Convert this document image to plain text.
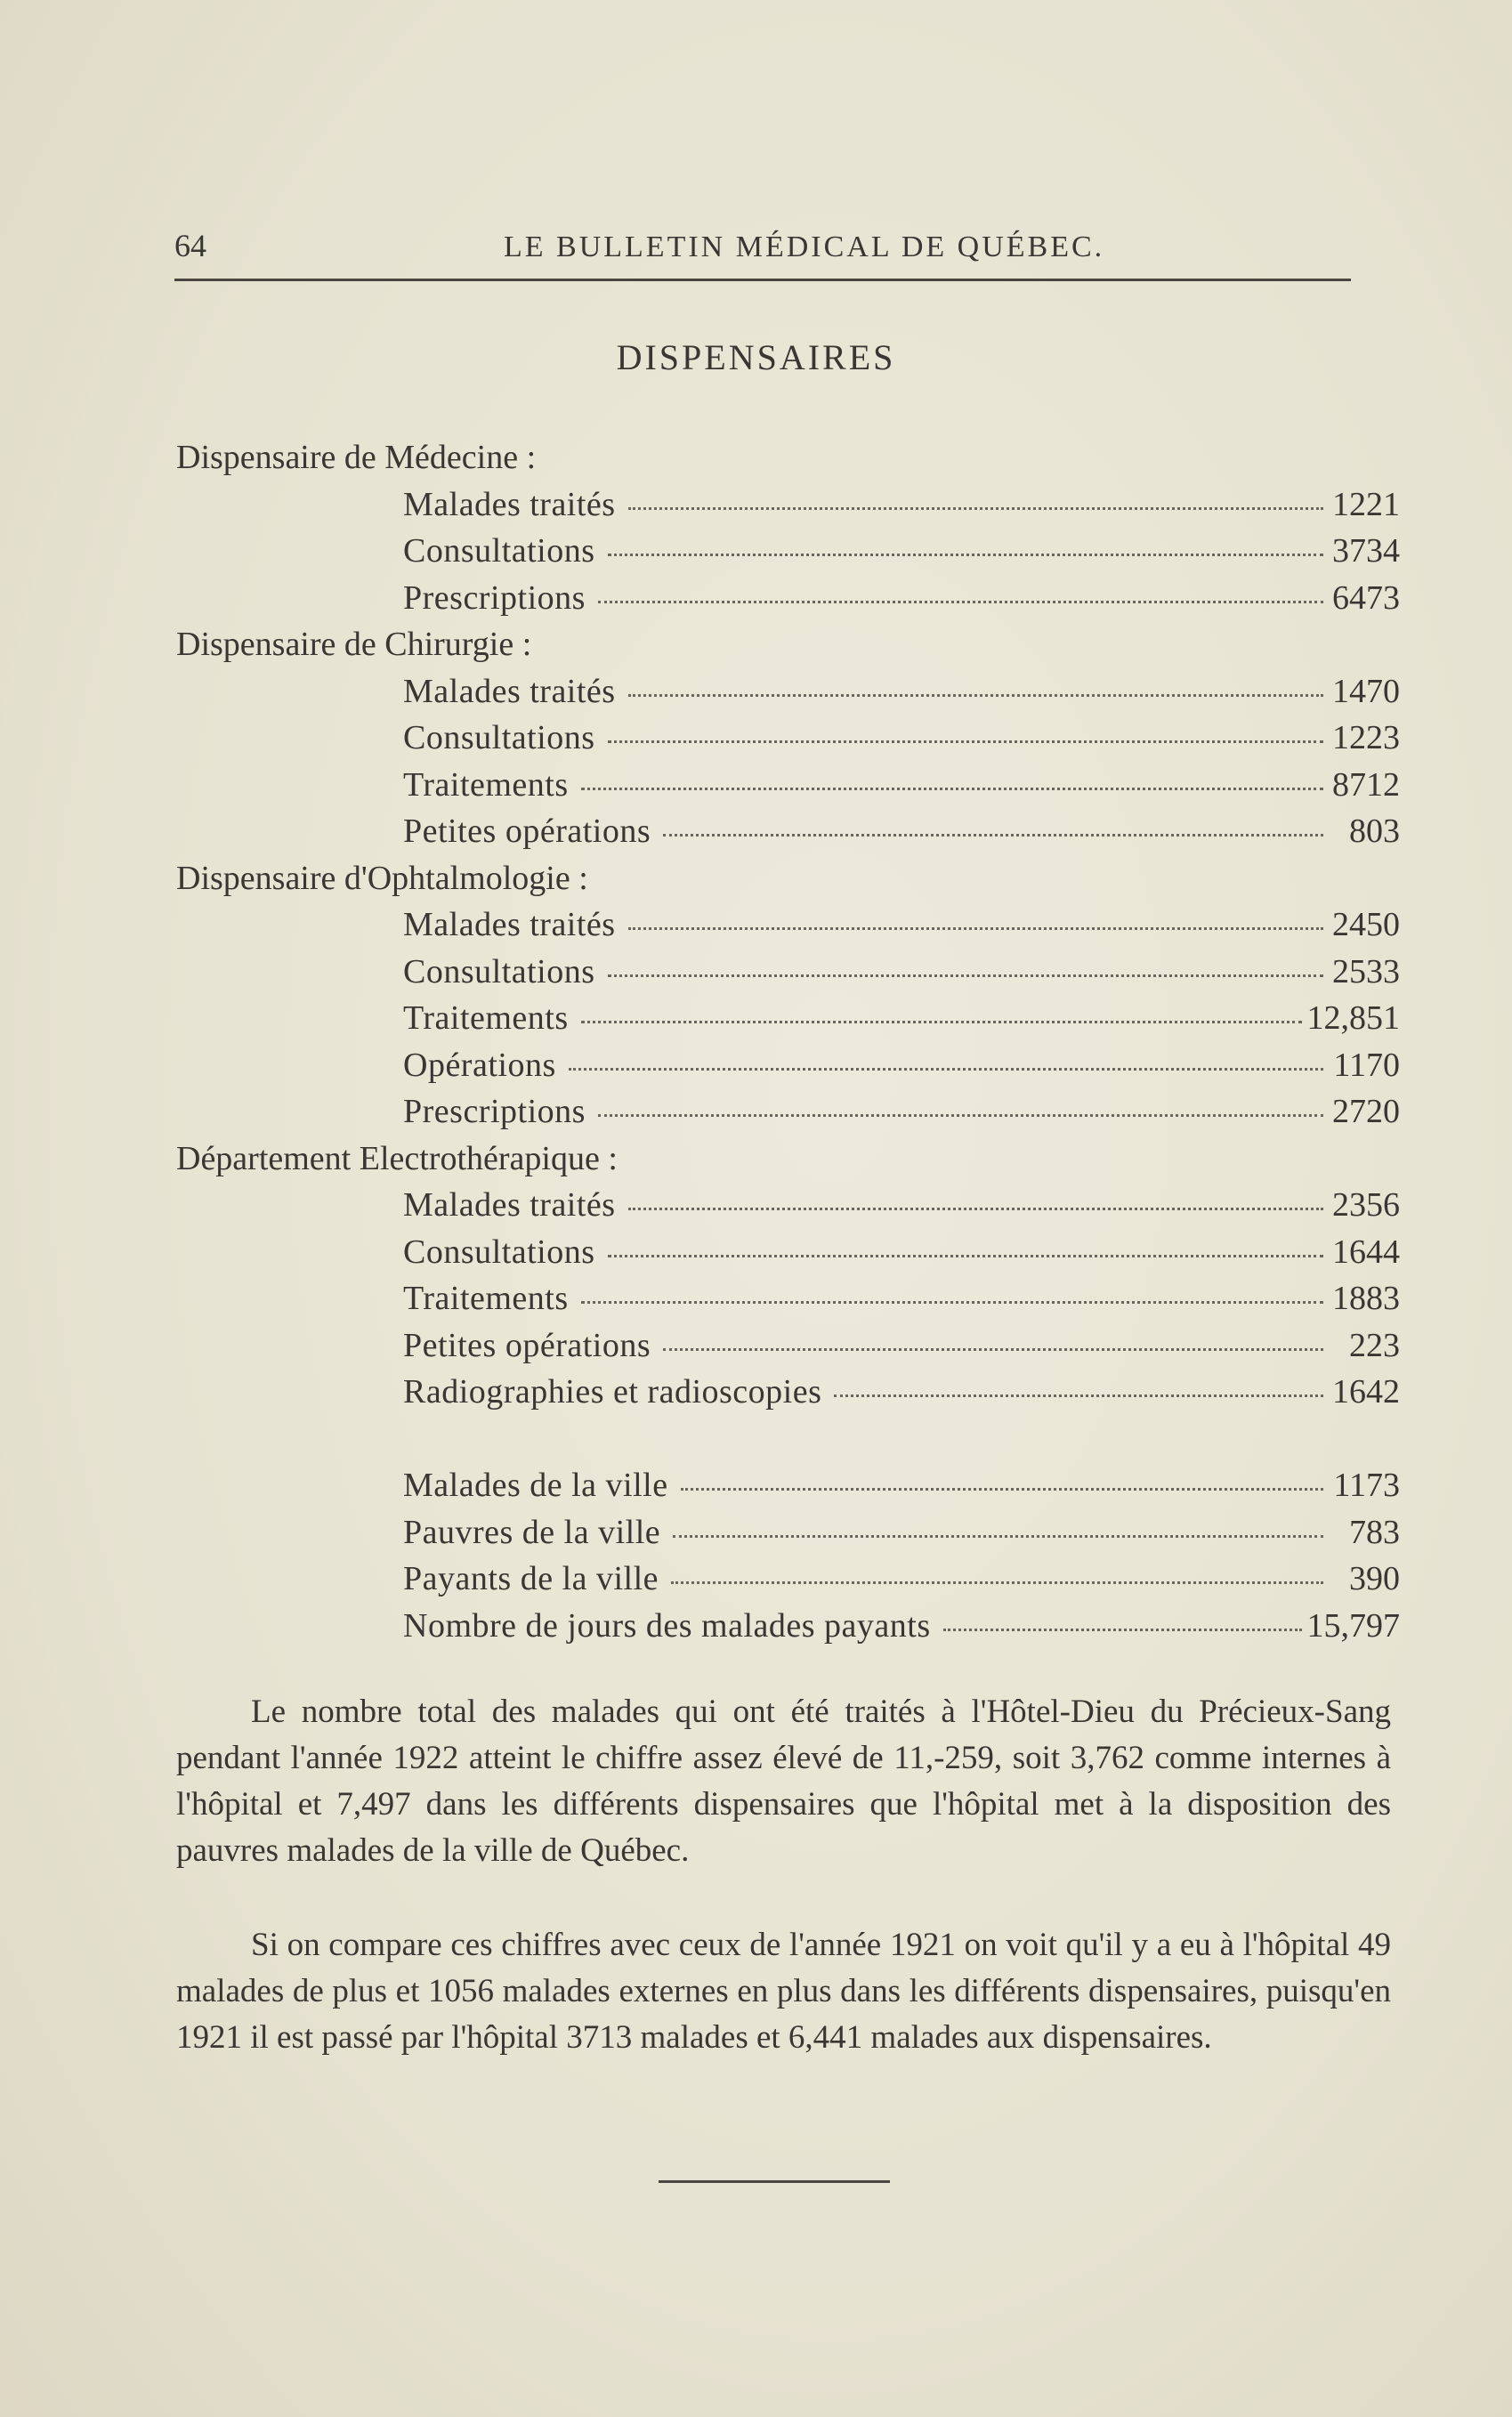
64	LE BULLETIN MÉDICAL DE QUÉBEC.
DISPENSAIRES
Dispensaire de Médecine :
Malades traités	1221
Consultations	3734
Prescriptions	6473
Dispensaire de Chirurgie :
Malades traités	1470
Consultations	1223
Traitements	8712
Petites opérations	803
Dispensaire d'Ophtalmologie :
Malades traités	2450
Consultations	2533
Traitements	12,851
Opérations	1170
Prescriptions	2720
Département Electrothérapique :
Malades traités	2356
Consultations	1644
Traitements	1883
Petites opérations	223
Radiographies et radioscopies	1642
Malades de la ville	1173
Pauvres de la ville	783
Payants de la ville	390
Nombre de jours des malades payants	15,797

Le nombre total des malades qui ont été traités à l'Hôtel-Dieu du Précieux-Sang pendant l'année 1922 atteint le chiffre assez élevé de 11,-259, soit 3,762 comme internes à l'hôpital et 7,497 dans les différents dispensaires que l'hôpital met à la disposition des pauvres malades de la ville de Québec.

Si on compare ces chiffres avec ceux de l'année 1921 on voit qu'il y a eu à l'hôpital 49 malades de plus et 1056 malades externes en plus dans les différents dispensaires, puisqu'en 1921 il est passé par l'hôpital 3713 malades et 6,441 malades aux dispensaires.
